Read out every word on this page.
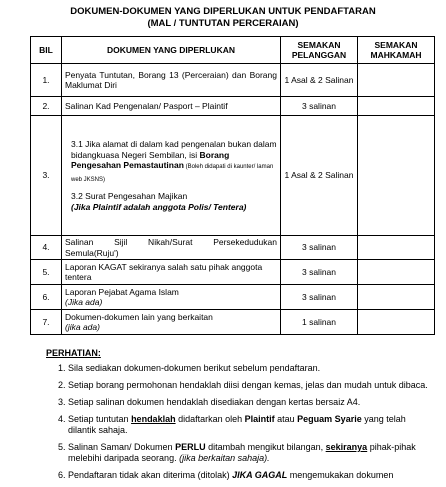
DOKUMEN-DOKUMEN YANG DIPERLUKAN UNTUK PENDAFTARAN
(MAL / TUNTUTAN PERCERAIAN)
BIL	DOKUMEN YANG DIPERLUKAN	SEMAKAN PELANGGAN	SEMAKAN MAHKAMAH
1.	Penyata Tuntutan, Borang 13 (Perceraian) dan Borang Maklumat Diri	1 Asal & 2 Salinan	
2.	Salinan Kad Pengenalan/ Pasport – Plaintif	3 salinan	
3.	3.1 Jika alamat di dalam kad pengenalan bukan dalam bidangkuasa Negeri Sembilan, isi Borang Pengesahan Pemastautinan (Boleh didapati di kaunter/ laman web JKSNS)
3.2 Surat Pengesahan Majikan
(Jika Plaintif adalah anggota Polis/ Tentera)	1 Asal & 2 Salinan	
4.	Salinan Sijil Nikah/Surat Persekedudukan Semula(Ruju')	3 salinan	
5.	Laporan KAGAT sekiranya salah satu pihak anggota tentera	3 salinan	
6.	Laporan Pejabat Agama Islam
(Jika ada)	3 salinan	
7.	Dokumen-dokumen lain yang berkaitan
(jika ada)	1 salinan	
PERHATIAN:
1. Sila sediakan dokumen-dokumen berikut sebelum pendaftaran.
2. Setiap borang permohonan hendaklah diisi dengan kemas, jelas dan mudah untuk dibaca.
3. Setiap salinan dokumen hendaklah disediakan dengan kertas bersaiz A4.
4. Setiap tuntutan hendaklah didaftarkan oleh Plaintif atau Peguam Syarie yang telah dilantik sahaja.
5. Salinan Saman/ Dokumen PERLU ditambah mengikut bilangan, sekiranya pihak-pihak melebihi daripada seorang. (jika berkaitan sahaja).
6. Pendaftaran tidak akan diterima (ditolak) JIKA GAGAL mengemukakan dokumen
